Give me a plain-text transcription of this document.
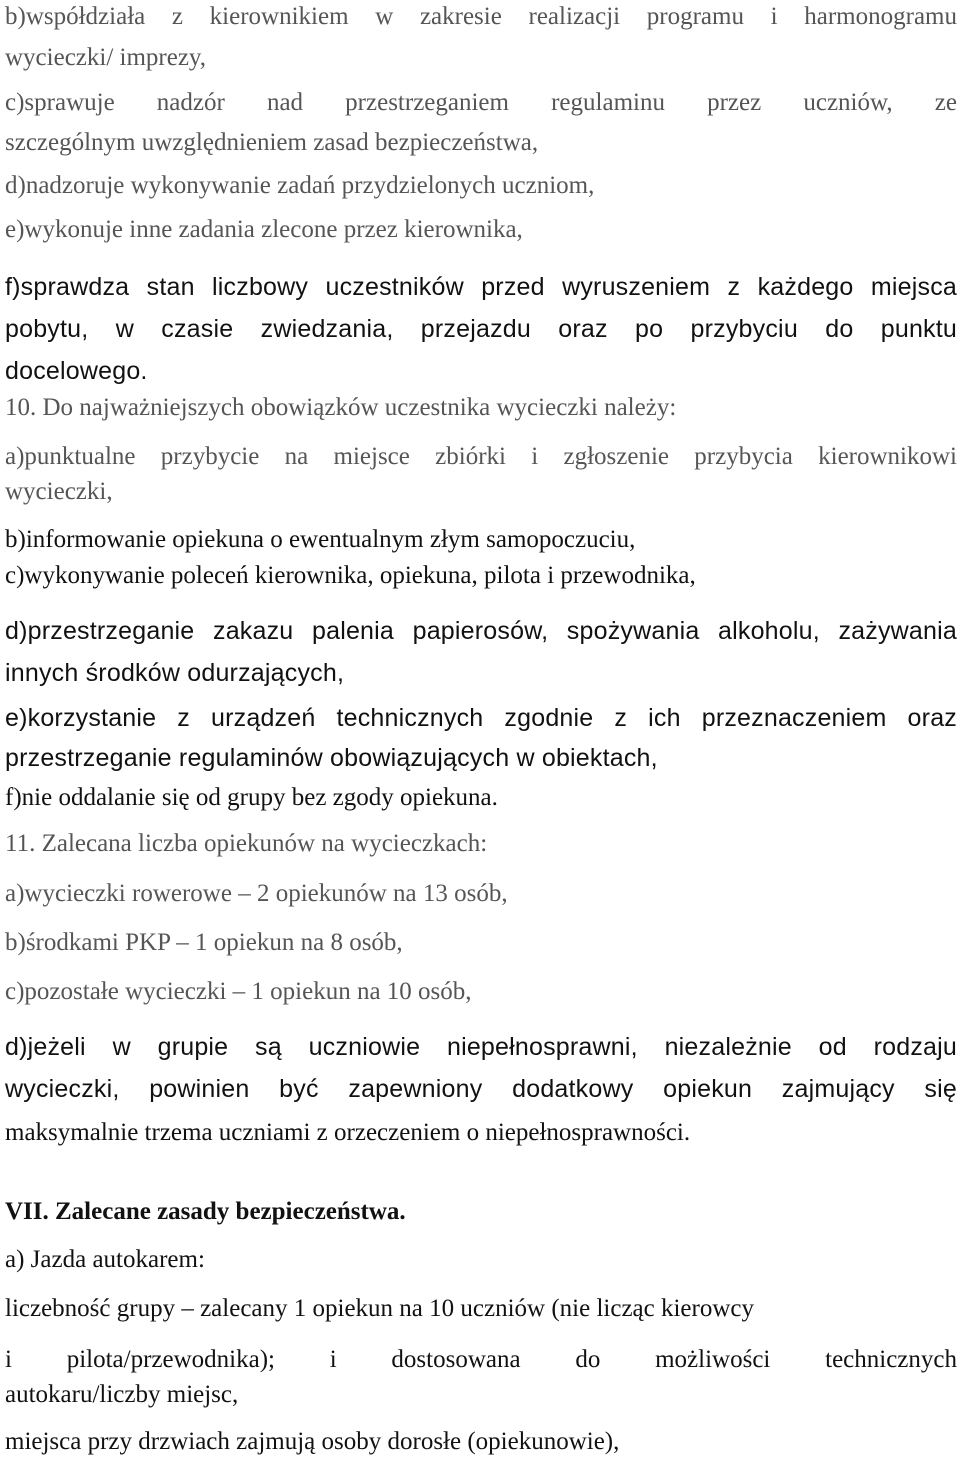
b)współdziała z kierownikiem w zakresie realizacji programu i harmonogramu
wycieczki/ imprezy,
c)sprawuje nadzór nad przestrzeganiem regulaminu przez uczniów, ze
szczególnym uwzględnieniem zasad bezpieczeństwa,
d)nadzoruje wykonywanie zadań przydzielonych uczniom,
e)wykonuje inne zadania zlecone przez kierownika,
f)sprawdza stan liczbowy uczestników przed wyruszeniem z każdego miejsca
pobytu, w czasie zwiedzania, przejazdu oraz po przybyciu do punktu
docelowego.
10. Do najważniejszych obowiązków uczestnika wycieczki należy:
a)punktualne przybycie na miejsce zbiórki i zgłoszenie przybycia kierownikowi
wycieczki,
b)informowanie opiekuna o ewentualnym złym samopoczuciu,
c)wykonywanie poleceń kierownika, opiekuna, pilota i przewodnika,
d)przestrzeganie zakazu palenia papierosów, spożywania alkoholu, zażywania
innych środków odurzających,
e)korzystanie z urządzeń technicznych zgodnie z ich przeznaczeniem oraz
przestrzeganie regulaminów obowiązujących w obiektach,
f)nie oddalanie się od grupy bez zgody opiekuna.
11. Zalecana liczba opiekunów na wycieczkach:
a)wycieczki rowerowe – 2 opiekunów na 13 osób,
b)środkami PKP – 1 opiekun na 8 osób,
c)pozostałe wycieczki – 1 opiekun na 10 osób,
d)jeżeli w grupie są uczniowie niepełnosprawni, niezależnie od rodzaju
wycieczki, powinien być zapewniony dodatkowy opiekun zajmujący się
maksymalnie trzema uczniami z orzeczeniem o niepełnosprawności.
VII. Zalecane zasady bezpieczeństwa.
a) Jazda autokarem:
liczebność grupy – zalecany 1 opiekun na 10 uczniów (nie licząc kierowcy
i pilota/przewodnika); i dostosowana do możliwości technicznych
autokaru/liczby miejsc,
miejsca przy drzwiach zajmują osoby dorosłe (opiekunowie),
